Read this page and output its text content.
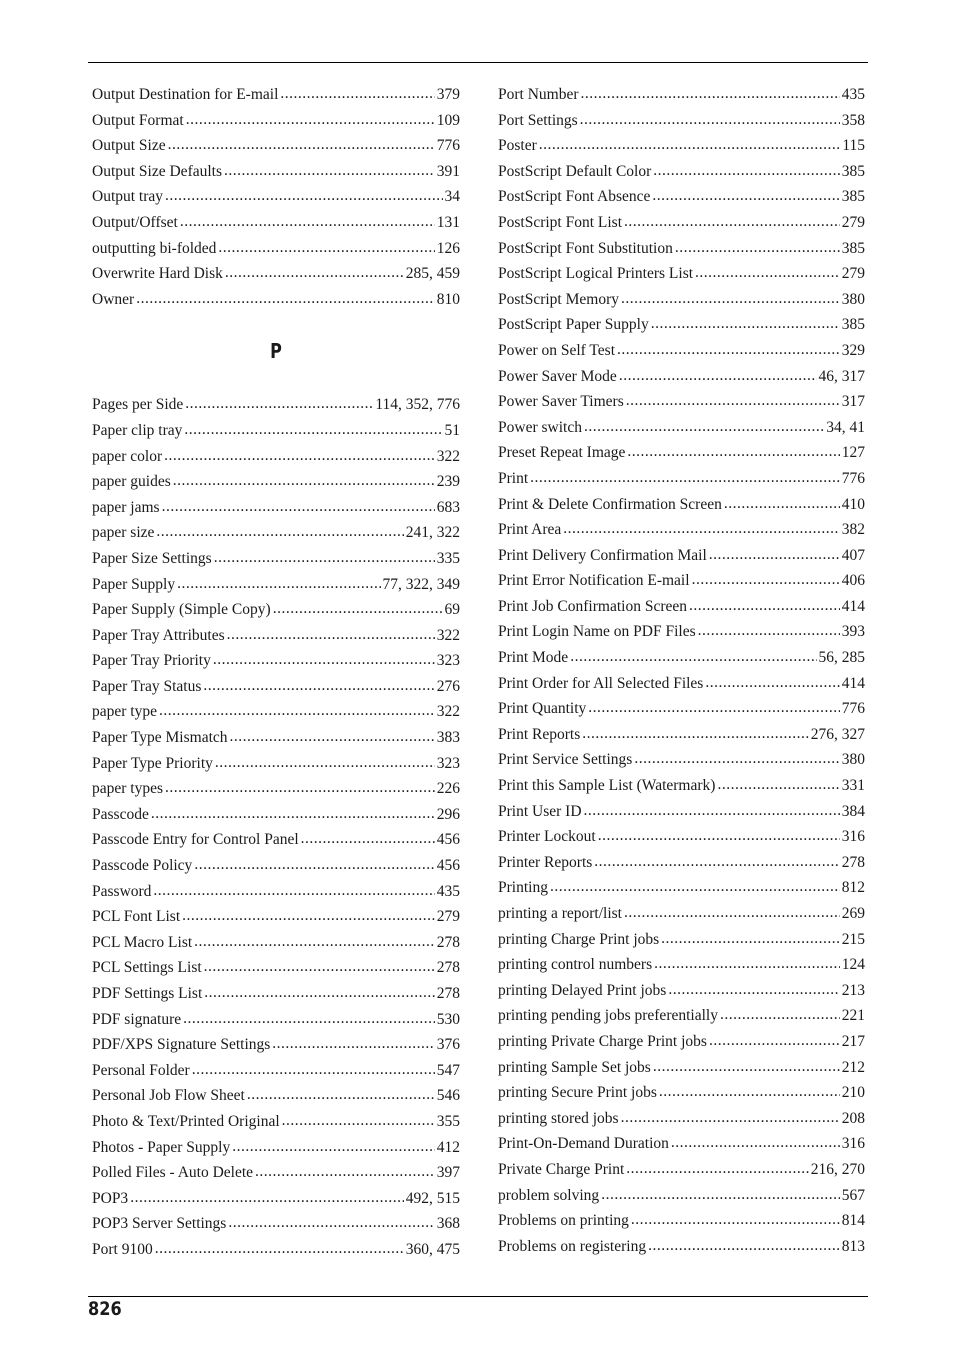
Output Destination for E-mail .....	379
Output Format .....	109
Output Size .....	776
Output Size Defaults .....	391
Output tray .....	34
Output/Offset .....	131
outputting bi-folded .....	126
Overwrite Hard Disk .....	285, 459
Owner .....	810
P
Pages per Side .....	114, 352, 776
Paper clip tray .....	51
paper color .....	322
paper guides .....	239
paper jams .....	683
paper size .....	241, 322
Paper Size Settings .....	335
Paper Supply .....	77, 322, 349
Paper Supply (Simple Copy) .....	69
Paper Tray Attributes .....	322
Paper Tray Priority .....	323
Paper Tray Status .....	276
paper type .....	322
Paper Type Mismatch .....	383
Paper Type Priority .....	323
paper types .....	226
Passcode .....	296
Passcode Entry for Control Panel .....	456
Passcode Policy .....	456
Password .....	435
PCL Font List .....	279
PCL Macro List .....	278
PCL Settings List .....	278
PDF Settings List .....	278
PDF signature .....	530
PDF/XPS Signature Settings .....	376
Personal Folder .....	547
Personal Job Flow Sheet .....	546
Photo & Text/Printed Original .....	355
Photos - Paper Supply .....	412
Polled Files - Auto Delete .....	397
POP3 .....	492, 515
POP3 Server Settings .....	368
Port 9100 .....	360, 475
Port Number .....	435
Port Settings .....	358
Poster .....	115
PostScript Default Color .....	385
PostScript Font Absence .....	385
PostScript Font List .....	279
PostScript Font Substitution .....	385
PostScript Logical Printers List .....	279
PostScript Memory .....	380
PostScript Paper Supply .....	385
Power on Self Test .....	329
Power Saver Mode .....	46, 317
Power Saver Timers .....	317
Power switch .....	34, 41
Preset Repeat Image .....	127
Print .....	776
Print & Delete Confirmation Screen .....	410
Print Area .....	382
Print Delivery Confirmation Mail .....	407
Print Error Notification E-mail .....	406
Print Job Confirmation Screen .....	414
Print Login Name on PDF Files .....	393
Print Mode .....	56, 285
Print Order for All Selected Files .....	414
Print Quantity .....	776
Print Reports .....	276, 327
Print Service Settings .....	380
Print this Sample List (Watermark) .....	331
Print User ID .....	384
Printer Lockout .....	316
Printer Reports .....	278
Printing .....	812
printing a report/list .....	269
printing Charge Print jobs .....	215
printing control numbers .....	124
printing Delayed Print jobs .....	213
printing pending jobs preferentially .....	221
printing Private Charge Print jobs .....	217
printing Sample Set jobs .....	212
printing Secure Print jobs .....	210
printing stored jobs .....	208
Print-On-Demand Duration .....	316
Private Charge Print .....	216, 270
problem solving .....	567
Problems on printing .....	814
Problems on registering .....	813
826
